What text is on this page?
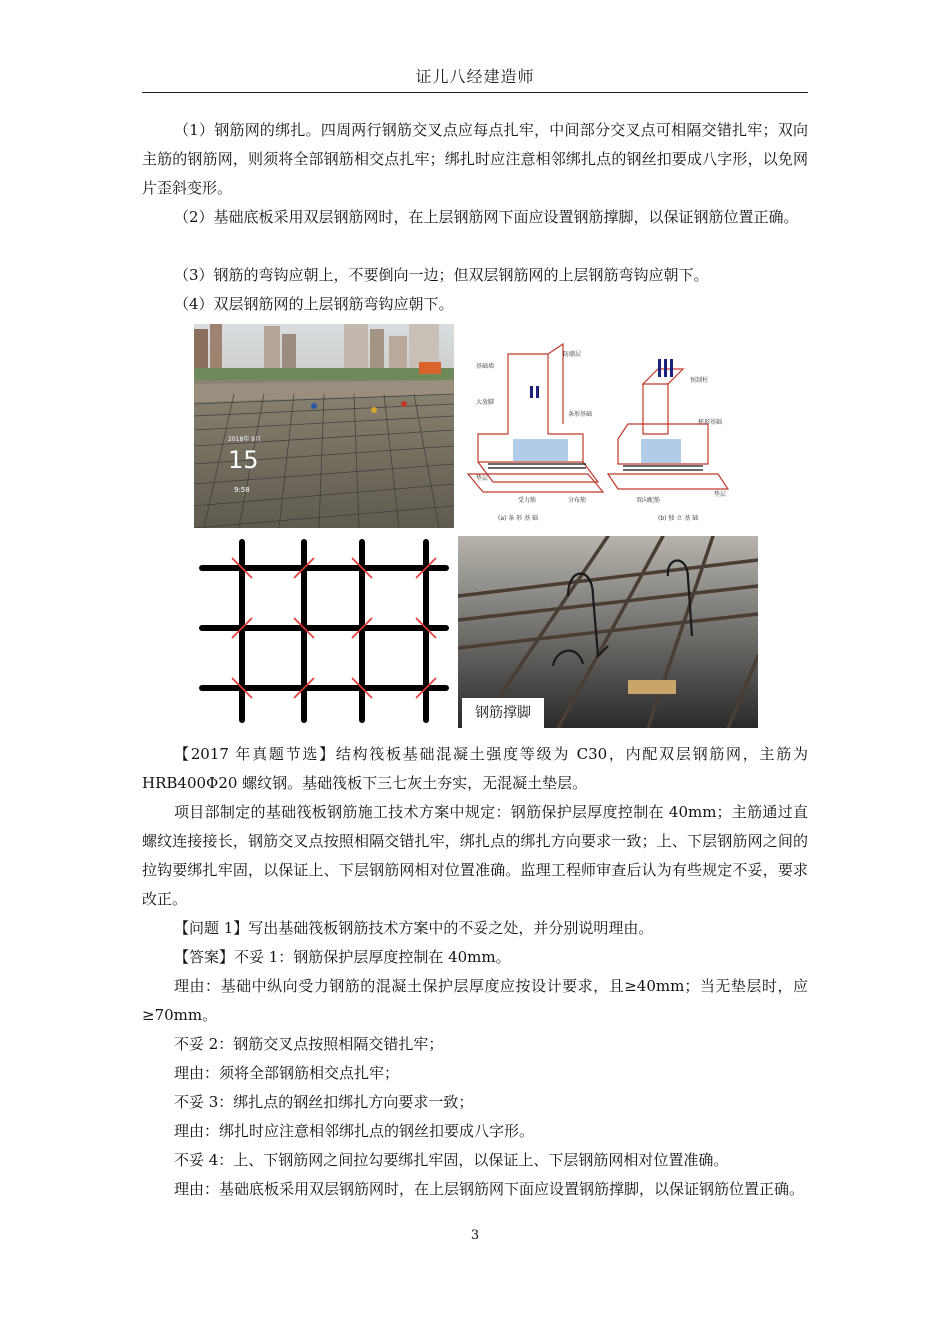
证儿八经建造师

（1）钢筋网的绑扎。四周两行钢筋交叉点应每点扎牢，中间部分交叉点可相隔交错扎牢；双向主筋的钢筋网，则须将全部钢筋相交点扎牢；绑扎时应注意相邻绑扎点的钢丝扣要成八字形，以免网片歪斜变形。

（2）基础底板采用双层钢筋网时，在上层钢筋网下面应设置钢筋撑脚，以保证钢筋位置正确。

（3）钢筋的弯钩应朝上，不要倒向一边；但双层钢筋网的上层钢筋弯钩应朝下。

（4）双层钢筋网的上层钢筋弯钩应朝下。

2018年 9月
15
9:58
基础墙
大放脚
防潮层
条形基础
垫层
受力筋	分布筋
(a) 条 形 基 础
预制柱
杯形基础
垫层
双向配筋
(b) 独 立 基 础
钢筋撑脚

【2017 年真题节选】结构筏板基础混凝土强度等级为 C30，内配双层钢筋网，主筋为 HRB400Φ20 螺纹钢。基础筏板下三七灰土夯实，无混凝土垫层。

项目部制定的基础筏板钢筋施工技术方案中规定：钢筋保护层厚度控制在 40mm；主筋通过直螺纹连接接长，钢筋交叉点按照相隔交错扎牢，绑扎点的绑扎方向要求一致；上、下层钢筋网之间的拉钩要绑扎牢固，以保证上、下层钢筋网相对位置准确。监理工程师审查后认为有些规定不妥，要求改正。

【问题 1】写出基础筏板钢筋技术方案中的不妥之处，并分别说明理由。

【答案】不妥 1：钢筋保护层厚度控制在 40mm。

理由：基础中纵向受力钢筋的混凝土保护层厚度应按设计要求，且≥40mm；当无垫层时，应≥70mm。

不妥 2：钢筋交叉点按照相隔交错扎牢；

理由：须将全部钢筋相交点扎牢；

不妥 3：绑扎点的钢丝扣绑扎方向要求一致；

理由：绑扎时应注意相邻绑扎点的钢丝扣要成八字形。

不妥 4：上、下钢筋网之间拉勾要绑扎牢固，以保证上、下层钢筋网相对位置准确。

理由：基础底板采用双层钢筋网时，在上层钢筋网下面应设置钢筋撑脚，以保证钢筋位置正确。

3
